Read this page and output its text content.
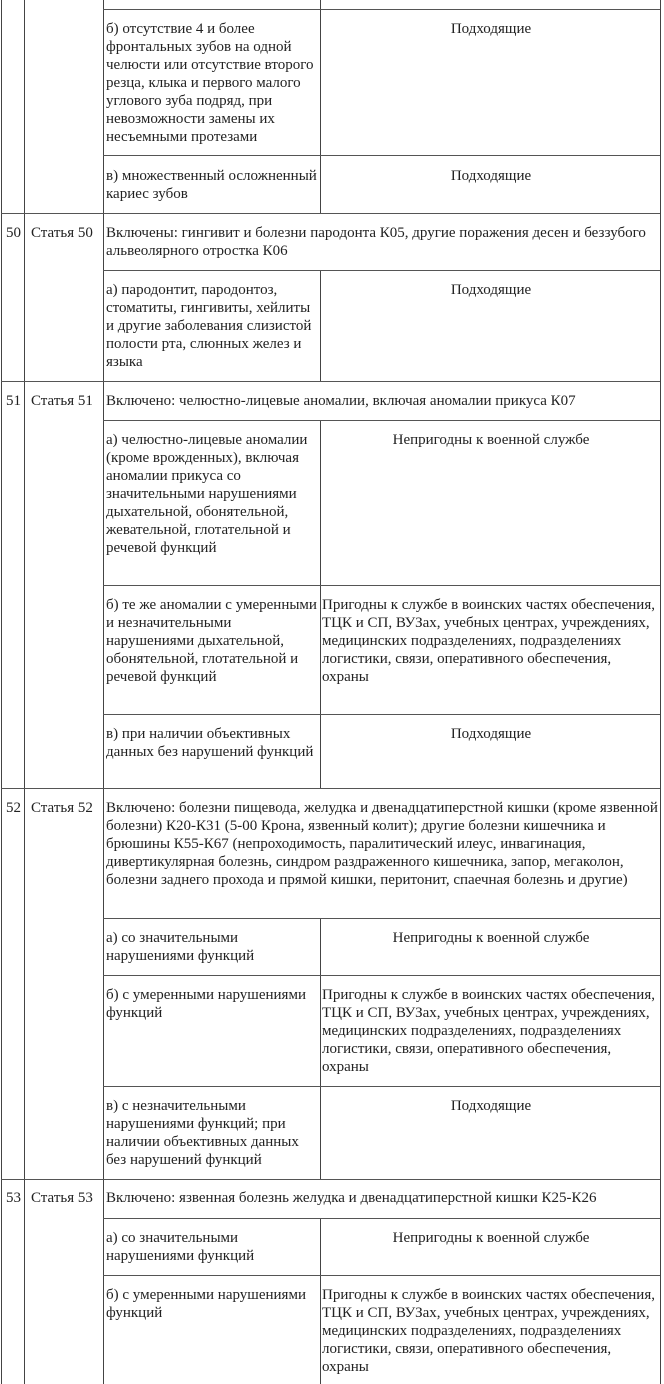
б) отсутствие 4 и более фронтальных зубов на одной челюсти или отсутствие второго резца, клыка и первого малого углового зуба подряд, при невозможности замены их несъемными протезами
Подходящие
в) множественный осложненный кариес зубов
Подходящие
50 Статья 50 Включены: гингивит и болезни пародонта К05, другие поражения десен и беззубого альвеолярного отростка К06
а) пародонтит, пародонтоз, стоматиты, гингивиты, хейлиты и другие заболевания слизистой полости рта, слюнных желез и языка
Подходящие
51 Статья 51 Включено: челюстно-лицевые аномалии, включая аномалии прикуса К07
а) челюстно-лицевые аномалии (кроме врожденных), включая аномалии прикуса со значительными нарушениями дыхательной, обонятельной, жевательной, глотательной и речевой функций
Непригодны к военной службе
б) те же аномалии с умеренными и незначительными нарушениями дыхательной, обонятельной, глотательной и речевой функций
Пригодны к службе в воинских частях обеспечения, ТЦК и СП, ВУЗах, учебных центрах, учреждениях, медицинских подразделениях, подразделениях логистики, связи, оперативного обеспечения, охраны
в) при наличии объективных данных без нарушений функций
Подходящие
52 Статья 52 Включено: болезни пищевода, желудка и двенадцатиперстной кишки (кроме язвенной болезни) К20-К31 (5-00 Крона, язвенный колит); другие болезни кишечника и брюшины К55-К67 (непроходимость, паралитический илеус, инвагинация, дивертикулярная болезнь, синдром раздраженного кишечника, запор, мегаколон, болезни заднего прохода и прямой кишки, перитонит, спаечная болезнь и другие)
а) со значительными нарушениями функций
Непригодны к военной службе
б) с умеренными нарушениями функций
Пригодны к службе в воинских частях обеспечения, ТЦК и СП, ВУЗах, учебных центрах, учреждениях, медицинских подразделениях, подразделениях логистики, связи, оперативного обеспечения, охраны
в) с незначительными нарушениями функций; при наличии объективных данных без нарушений функций
Подходящие
53 Статья 53 Включено: язвенная болезнь желудка и двенадцатиперстной кишки К25-К26
а) со значительными нарушениями функций
Непригодны к военной службе
б) с умеренными нарушениями функций
Пригодны к службе в воинских частях обеспечения, ТЦК и СП, ВУЗах, учебных центрах, учреждениях, медицинских подразделениях, подразделениях логистики, связи, оперативного обеспечения, охраны
